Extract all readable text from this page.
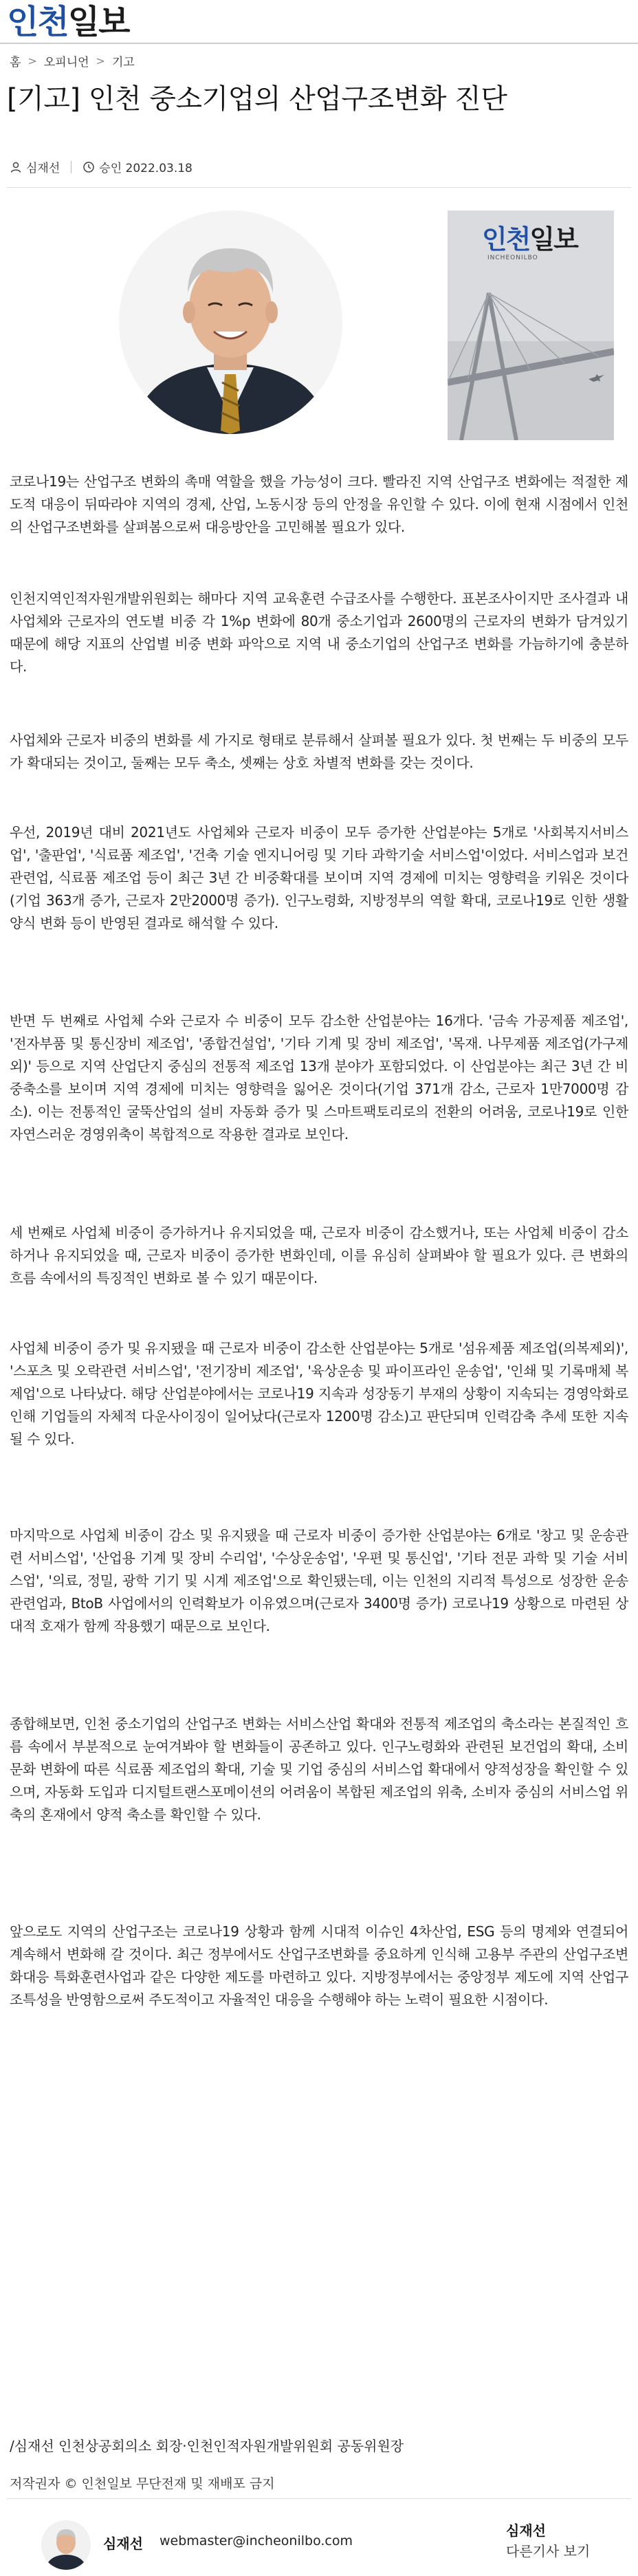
인천일보
홈 > 오피니언 > 기고
[기고] 인천 중소기업의 산업구조변화 진단
심재선	승인 2022.03.18
인천일보
INCHEONILBO

코로나19는 산업구조 변화의 촉매 역할을 했을 가능성이 크다. 빨라진 지역 산업구조 변화에는 적절한 제도적 대응이 뒤따라야 지역의 경제, 산업, 노동시장 등의 안정을 유인할 수 있다. 이에 현재 시점에서 인천의 산업구조변화를 살펴봄으로써 대응방안을 고민해볼 필요가 있다.

인천지역인적자원개발위원회는 해마다 지역 교육훈련 수급조사를 수행한다. 표본조사이지만 조사결과 내 사업체와 근로자의 연도별 비중 각 1%p 변화에 80개 중소기업과 2600명의 근로자의 변화가 담겨있기 때문에 해당 지표의 산업별 비중 변화 파악으로 지역 내 중소기업의 산업구조 변화를 가늠하기에 충분하다.

사업체와 근로자 비중의 변화를 세 가지로 형태로 분류해서 살펴볼 필요가 있다. 첫 번째는 두 비중의 모두가 확대되는 것이고, 둘째는 모두 축소, 셋째는 상호 차별적 변화를 갖는 것이다.

우선, 2019년 대비 2021년도 사업체와 근로자 비중이 모두 증가한 산업분야는 5개로 '사회복지서비스업', '출판업', '식료품 제조업', '건축 기술 엔지니어링 및 기타 과학기술 서비스업'이었다. 서비스업과 보건관련업, 식료품 제조업 등이 최근 3년 간 비중확대를 보이며 지역 경제에 미치는 영향력을 키워온 것이다(기업 363개 증가, 근로자 2만2000명 증가). 인구노령화, 지방정부의 역할 확대, 코로나19로 인한 생활양식 변화 등이 반영된 결과로 해석할 수 있다.

반면 두 번째로 사업체 수와 근로자 수 비중이 모두 감소한 산업분야는 16개다. '금속 가공제품 제조업', '전자부품 및 통신장비 제조업', '종합건설업', '기타 기계 및 장비 제조업', '목재. 나무제품 제조업(가구제외)' 등으로 지역 산업단지 중심의 전통적 제조업 13개 분야가 포함되었다. 이 산업분야는 최근 3년 간 비중축소를 보이며 지역 경제에 미치는 영향력을 잃어온 것이다(기업 371개 감소, 근로자 1만7000명 감소). 이는 전통적인 굴뚝산업의 설비 자동화 증가 및 스마트팩토리로의 전환의 어려움, 코로나19로 인한 자연스러운 경영위축이 복합적으로 작용한 결과로 보인다.

세 번째로 사업체 비중이 증가하거나 유지되었을 때, 근로자 비중이 감소했거나, 또는 사업체 비중이 감소하거나 유지되었을 때, 근로자 비중이 증가한 변화인데, 이를 유심히 살펴봐야 할 필요가 있다. 큰 변화의 흐름 속에서의 특징적인 변화로 볼 수 있기 때문이다.

사업체 비중이 증가 및 유지됐을 때 근로자 비중이 감소한 산업분야는 5개로 '섬유제품 제조업(의복제외)', '스포츠 및 오락관련 서비스업', '전기장비 제조업', '육상운송 및 파이프라인 운송업', '인쇄 및 기록매체 복제업'으로 나타났다. 해당 산업분야에서는 코로나19 지속과 성장동기 부재의 상황이 지속되는 경영악화로 인해 기업들의 자체적 다운사이징이 일어났다(근로자 1200명 감소)고 판단되며 인력감축 추세 또한 지속될 수 있다.

마지막으로 사업체 비중이 감소 및 유지됐을 때 근로자 비중이 증가한 산업분야는 6개로 '창고 및 운송관련 서비스업', '산업용 기계 및 장비 수리업', '수상운송업', '우편 및 통신업', '기타 전문 과학 및 기술 서비스업', '의료, 정밀, 광학 기기 및 시계 제조업'으로 확인됐는데, 이는 인천의 지리적 특성으로 성장한 운송 관련업과, BtoB 사업에서의 인력확보가 이유였으며(근로자 3400명 증가) 코로나19 상황으로 마련된 상대적 호재가 함께 작용했기 때문으로 보인다.

종합해보면, 인천 중소기업의 산업구조 변화는 서비스산업 확대와 전통적 제조업의 축소라는 본질적인 흐름 속에서 부분적으로 눈여겨봐야 할 변화들이 공존하고 있다. 인구노령화와 관련된 보건업의 확대, 소비문화 변화에 따른 식료품 제조업의 확대, 기술 및 기업 중심의 서비스업 확대에서 양적성장을 확인할 수 있으며, 자동화 도입과 디지털트랜스포메이션의 어려움이 복합된 제조업의 위축, 소비자 중심의 서비스업 위축의 혼재에서 양적 축소를 확인할 수 있다.

앞으로도 지역의 산업구조는 코로나19 상황과 함께 시대적 이슈인 4차산업, ESG 등의 명제와 연결되어 계속해서 변화해 갈 것이다. 최근 정부에서도 산업구조변화를 중요하게 인식해 고용부 주관의 산업구조변화대응 특화훈련사업과 같은 다양한 제도를 마련하고 있다. 지방정부에서는 중앙정부 제도에 지역 산업구조특성을 반영함으로써 주도적이고 자율적인 대응을 수행해야 하는 노력이 필요한 시점이다.

/심재선 인천상공회의소 회장·인천인적자원개발위원회 공동위원장
저작권자 © 인천일보 무단전재 및 재배포 금지
심재선 webmaster@incheonilbo.com
심재선
다른기사 보기
